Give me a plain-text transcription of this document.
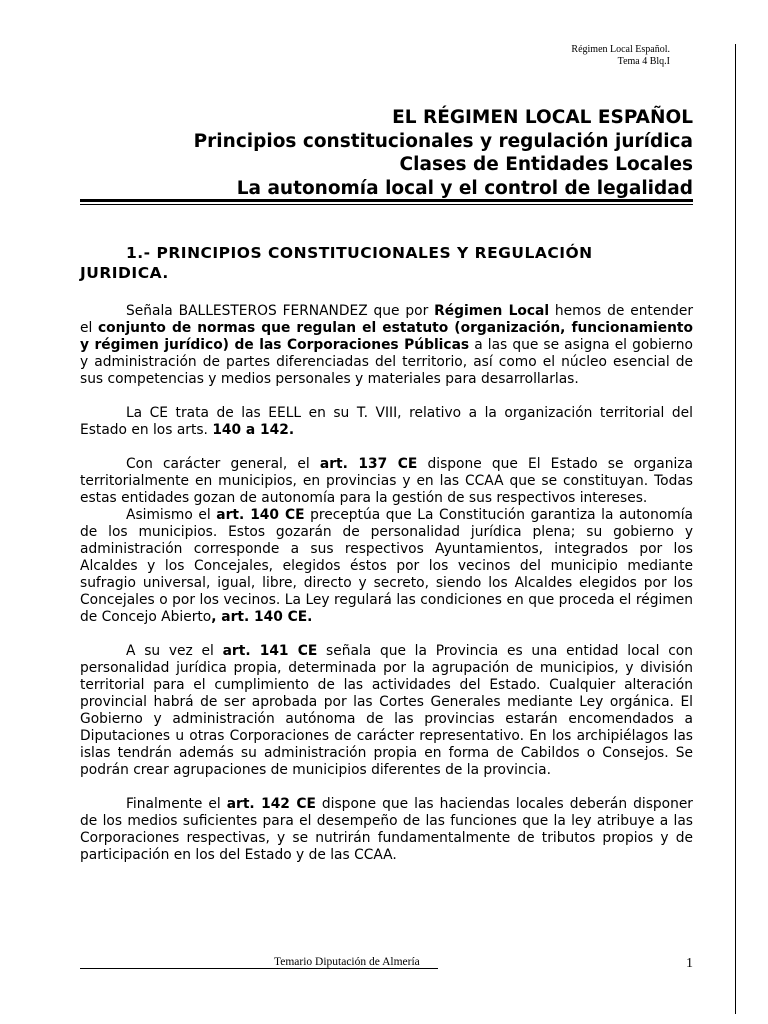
Régimen Local Español.
Tema 4 Blq.I
EL RÉGIMEN LOCAL ESPAÑOL
Principios constitucionales y regulación jurídica
Clases de Entidades Locales
La autonomía local y el control de legalidad

1.- PRINCIPIOS CONSTITUCIONALES Y REGULACIÓN

JURIDICA.

Señala BALLESTEROS FERNANDEZ que por Régimen Local hemos de entender el conjunto de normas que regulan el estatuto (organización, funcionamiento y régimen jurídico) de las Corporaciones Públicas a las que se asigna el gobierno y administración de partes diferenciadas del territorio, así como el núcleo esencial de sus competencias y medios personales y materiales para desarrollarlas.

La CE trata de las EELL en su T. VIII, relativo a la organización territorial del Estado en los arts. 140 a 142.

Con carácter general, el art. 137 CE dispone que El Estado se organiza territorialmente en municipios, en provincias y en las CCAA que se constituyan. Todas estas entidades gozan de autonomía para la gestión de sus respectivos intereses.

Asimismo el art. 140 CE preceptúa que La Constitución garantiza la autonomía de los municipios. Estos gozarán de personalidad jurídica plena; su gobierno y administración corresponde a sus respectivos Ayuntamientos, integrados por los Alcaldes y los Concejales, elegidos éstos por los vecinos del municipio mediante sufragio universal, igual, libre, directo y secreto, siendo los Alcaldes elegidos por los Concejales o por los vecinos. La Ley regulará las condiciones en que proceda el régimen de Concejo Abierto, art. 140 CE.

A su vez el art. 141 CE señala que la Provincia es una entidad local con personalidad jurídica propia, determinada por la agrupación de municipios, y división territorial para el cumplimiento de las actividades del Estado. Cualquier alteración provincial habrá de ser aprobada por las Cortes Generales mediante Ley orgánica. El Gobierno y administración autónoma de las provincias estarán encomendados a Diputaciones u otras Corporaciones de carácter representativo. En los archipiélagos las islas tendrán además su administración propia en forma de Cabildos o Consejos. Se podrán crear agrupaciones de municipios diferentes de la provincia.

Finalmente el art. 142 CE dispone que las haciendas locales deberán disponer de los medios suficientes para el desempeño de las funciones que la ley atribuye a las Corporaciones respectivas, y se nutrirán fundamentalmente de tributos propios y de participación en los del Estado y de las CCAA.

Temario Diputación de Almería	1
